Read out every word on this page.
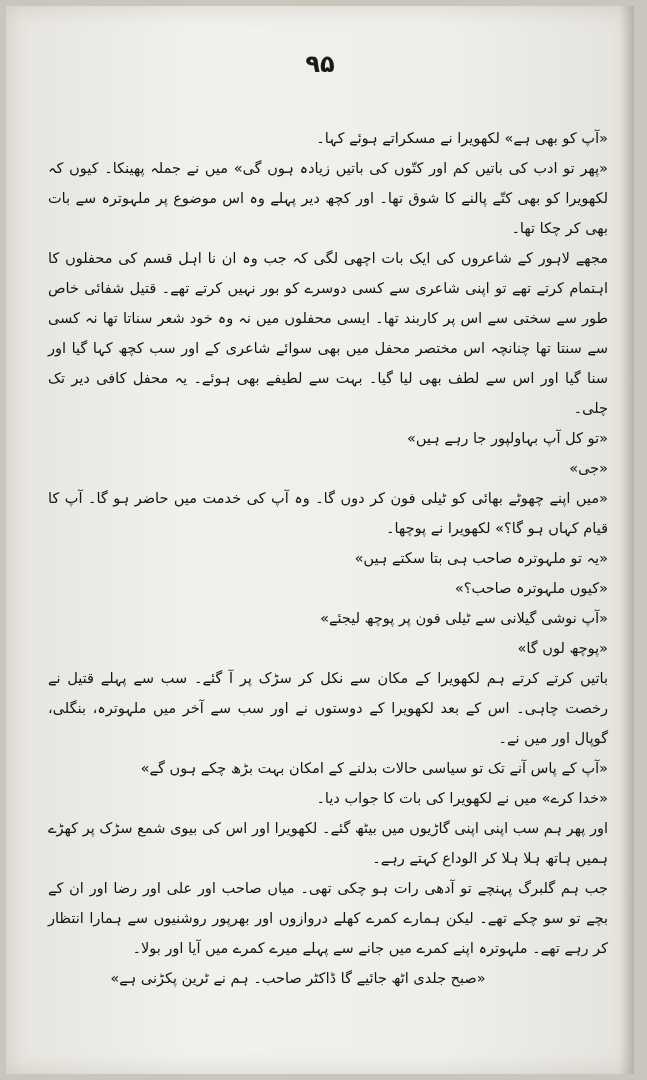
۹۵

«آپ کو بھی ہے» لکھویرا نے مسکراتے ہوئے کہا۔

«پھر تو ادب کی باتیں کم اور کتّوں کی باتیں زیادہ ہوں گی» میں نے جملہ پھینکا۔ کیوں کہ لکھویرا کو بھی کتّے پالنے کا شوق تھا۔ اور کچھ دیر پہلے وہ اس موضوع پر ملہوترہ سے بات بھی کر چکا تھا۔

مجھے لاہور کے شاعروں کی ایک بات اچھی لگی کہ جب وہ ان نا اہل قسم کی محفلوں کا اہتمام کرتے تھے تو اپنی شاعری سے کسی دوسرے کو بور نہیں کرتے تھے۔ قتیل شفائی خاص طور سے سختی سے اس پر کاربند تھا۔ ایسی محفلوں میں نہ وہ خود شعر سناتا تھا نہ کسی سے سنتا تھا چنانچہ اس مختصر محفل میں بھی سوائے شاعری کے اور سب کچھ کہا گیا اور سنا گیا اور اس سے لطف بھی لیا گیا۔ بہت سے لطیفے بھی ہوئے۔ یہ محفل کافی دیر تک چلی۔

«تو کل آپ بہاولپور جا رہے ہیں»

«جی»

«میں اپنے چھوٹے بھائی کو ٹیلی فون کر دوں گا۔ وہ آپ کی خدمت میں حاضر ہو گا۔ آپ کا قیام کہاں ہو گا؟» لکھویرا نے پوچھا۔

«یہ تو ملہوترہ صاحب ہی بتا سکتے ہیں»

«کیوں ملہوترہ صاحب؟»

«آپ نوشی گیلانی سے ٹیلی فون پر پوچھ لیجئے»

«پوچھ لوں گا»

باتیں کرتے کرتے ہم لکھویرا کے مکان سے نکل کر سڑک پر آ گئے۔ سب سے پہلے قتیل نے رخصت چاہی۔ اس کے بعد لکھویرا کے دوستوں نے اور سب سے آخر میں ملہوترہ، بنگلی، گوپال اور میں نے۔

«آپ کے پاس آنے تک تو سیاسی حالات بدلنے کے امکان بہت بڑھ چکے ہوں گے»

«خدا کرے» میں نے لکھویرا کی بات کا جواب دیا۔

اور پھر ہم سب اپنی اپنی گاڑیوں میں بیٹھ گئے۔ لکھویرا اور اس کی بیوی شمع سڑک پر کھڑے ہمیں ہاتھ ہلا ہلا کر الوداع کہتے رہے۔

جب ہم گلبرگ پہنچے تو آدھی رات ہو چکی تھی۔ میاں صاحب اور علی اور رضا اور ان کے بچے تو سو چکے تھے۔ لیکن ہمارے کمرے کھلے دروازوں اور بھرپور روشنیوں سے ہمارا انتظار کر رہے تھے۔ ملہوترہ اپنے کمرے میں جانے سے پہلے میرے کمرے میں آیا اور بولا۔

«صبح جلدی اٹھ جائیے گا ڈاکٹر صاحب۔ ہم نے ٹرین پکڑنی ہے»
